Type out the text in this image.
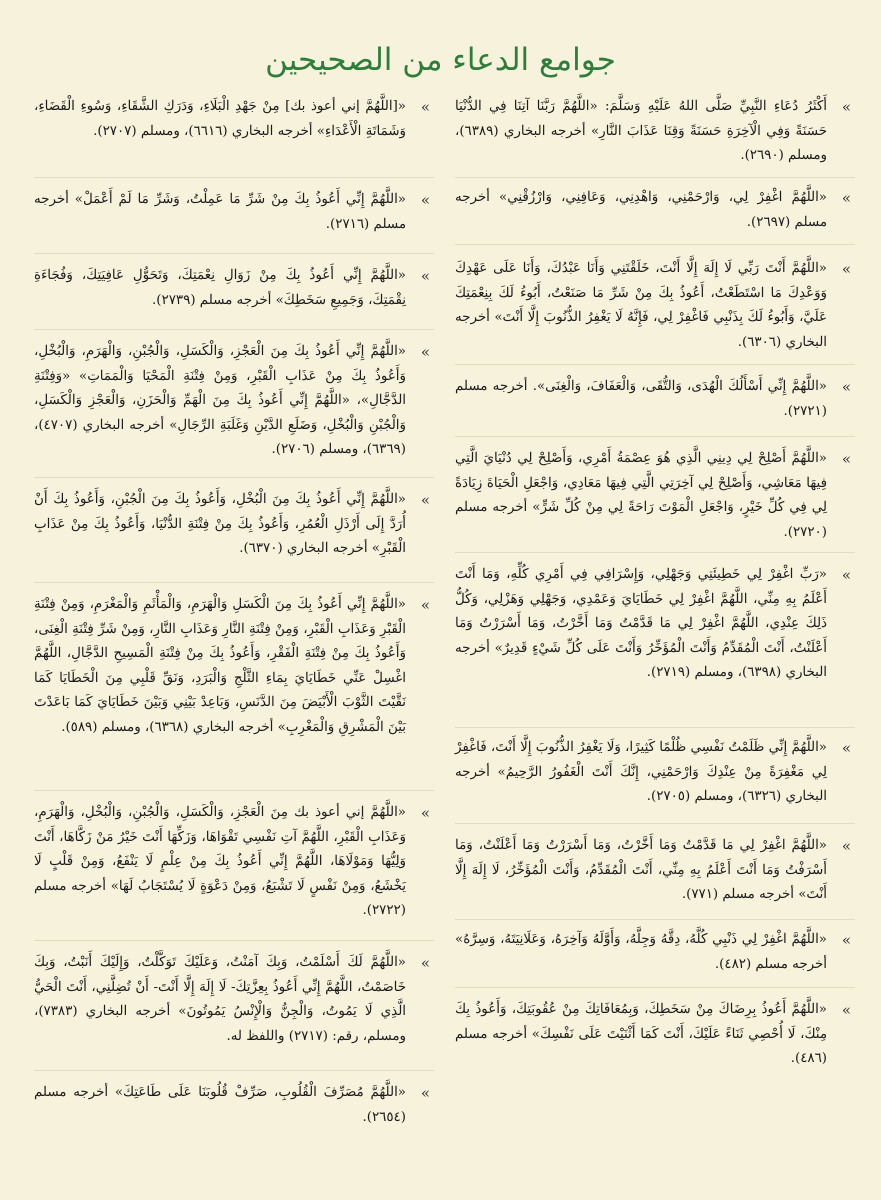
جوامع الدعاء من الصحيحين
»
أَكْثَرُ دُعَاءِ النَّبِيِّ صَلَّى اللهُ عَلَيْهِ وَسَلَّمَ: «اللَّهُمَّ رَبَّنَا آتِنَا فِي الدُّنْيَا حَسَنَةً وَفِي الْآخِرَةِ حَسَنَةً وَقِنَا عَذَابَ النَّارِ» أخرجه البخاري (٦٣٨٩)، ومسلم (٢٦٩٠).
»
«اللَّهُمَّ اغْفِرْ لِي، وَارْحَمْنِي، وَاهْدِنِي، وَعَافِنِي، وَارْزُقْنِي» أخرجه مسلم (٢٦٩٧).
»
«اللَّهُمَّ أَنْتَ رَبِّي لَا إِلَهَ إِلَّا أَنْتَ، خَلَقْتَنِي وَأَنَا عَبْدُكَ، وَأَنَا عَلَى عَهْدِكَ وَوَعْدِكَ مَا اسْتَطَعْتُ، أَعُوذُ بِكَ مِنْ شَرِّ مَا صَنَعْتُ، أَبُوءُ لَكَ بِنِعْمَتِكَ عَلَيَّ، وَأَبُوءُ لَكَ بِذَنْبِي فَاغْفِرْ لِي، فَإِنَّهُ لَا يَغْفِرُ الذُّنُوبَ إِلَّا أَنْتَ» أخرجه البخاري (٦٣٠٦).
»
«اللَّهُمَّ إِنِّي أَسْأَلُكَ الْهُدَى، وَالتُّقَى، وَالْعَفَافَ، وَالْغِنَى». أخرجه مسلم (٢٧٢١).
»
«اللَّهُمَّ أَصْلِحْ لِي دِينِي الَّذِي هُوَ عِصْمَةُ أَمْرِي، وَأَصْلِحْ لِي دُنْيَايَ الَّتِي فِيهَا مَعَاشِي، وَأَصْلِحْ لِي آخِرَتِي الَّتِي فِيهَا مَعَادِي، وَاجْعَلِ الْحَيَاةَ زِيَادَةً لِي فِي كُلِّ خَيْرٍ، وَاجْعَلِ الْمَوْتَ رَاحَةً لِي مِنْ كُلِّ شَرٍّ» أخرجه مسلم (٢٧٢٠).
»
«رَبِّ اغْفِرْ لِي خَطِيئَتِي وَجَهْلِي، وَإِسْرَافِي فِي أَمْرِي كُلِّهِ، وَمَا أَنْتَ أَعْلَمُ بِهِ مِنِّي، اللَّهُمَّ اغْفِرْ لِي خَطَايَايَ وَعَمْدِي، وَجَهْلِي وَهَزْلِي، وَكُلُّ ذَلِكَ عِنْدِي، اللَّهُمَّ اغْفِرْ لِي مَا قَدَّمْتُ وَمَا أَخَّرْتُ، وَمَا أَسْرَرْتُ وَمَا أَعْلَنْتُ، أَنْتَ الْمُقَدِّمُ وَأَنْتَ الْمُؤَخِّرُ وَأَنْتَ عَلَى كُلِّ شَيْءٍ قَدِيرٌ» أخرجه البخاري (٦٣٩٨)، ومسلم (٢٧١٩).
»
«اللَّهُمَّ إِنِّي ظَلَمْتُ نَفْسِي ظُلْمًا كَثِيرًا، وَلَا يَغْفِرُ الذُّنُوبَ إِلَّا أَنْتَ، فَاغْفِرْ لِي مَغْفِرَةً مِنْ عِنْدِكَ وَارْحَمْنِي، إِنَّكَ أَنْتَ الْغَفُورُ الرَّحِيمُ» أخرجه البخاري (٦٣٢٦)، ومسلم (٢٧٠٥).
»
«اللَّهُمَّ اغْفِرْ لِي مَا قَدَّمْتُ وَمَا أَخَّرْتُ، وَمَا أَسْرَرْتُ وَمَا أَعْلَنْتُ، وَمَا أَسْرَفْتُ وَمَا أَنْتَ أَعْلَمُ بِهِ مِنِّي، أَنْتَ الْمُقَدِّمُ، وَأَنْتَ الْمُؤَخِّرُ، لَا إِلَهَ إِلَّا أَنْتَ» أخرجه مسلم (٧٧١).
»
«اللَّهُمَّ اغْفِرْ لِي ذَنْبِي كُلَّهُ، دِقَّهُ وَجِلَّهُ، وَأَوَّلَهُ وَآخِرَهُ، وَعَلَانِيَتَهُ، وَسِرَّهُ» أخرجه مسلم (٤٨٢).
»
«اللَّهُمَّ أَعُوذُ بِرِضَاكَ مِنْ سَخَطِكَ، وَبِمُعَافَاتِكَ مِنْ عُقُوبَتِكَ، وَأَعُوذُ بِكَ مِنْكَ، لَا أُحْصِي ثَنَاءً عَلَيْكَ، أَنْتَ كَمَا أَثْنَيْتَ عَلَى نَفْسِكَ» أخرجه مسلم (٤٨٦).
»
«[اللَّهُمَّ إني أعوذ بك] مِنْ جَهْدِ الْبَلَاءِ، وَدَرَكِ الشَّقَاءِ، وَسُوءِ الْقَضَاءِ، وَشَمَاتَةِ الْأَعْدَاءِ» أخرجه البخاري (٦٦١٦)، ومسلم (٢٧٠٧).
»
«اللَّهُمَّ إِنِّي أَعُوذُ بِكَ مِنْ شَرِّ مَا عَمِلْتُ، وَشَرِّ مَا لَمْ أَعْمَلْ» أخرجه مسلم (٢٧١٦).
»
«اللَّهُمَّ إِنِّي أَعُوذُ بِكَ مِنْ زَوَالِ نِعْمَتِكَ، وَتَحَوُّلِ عَافِيَتِكَ، وَفُجَاءَةِ نِقْمَتِكَ، وَجَمِيعِ سَخَطِكَ» أخرجه مسلم (٢٧٣٩).
»
«اللَّهُمَّ إِنِّي أَعُوذُ بِكَ مِنَ الْعَجْزِ، وَالْكَسَلِ، وَالْجُبْنِ، وَالْهَرَمِ، وَالْبُخْلِ، وَأَعُوذُ بِكَ مِنْ عَذَابِ الْقَبْرِ، وَمِنْ فِتْنَةِ الْمَحْيَا وَالْمَمَاتِ» «وَفِتْنَةِ الدَّجَّالِ»، «اللَّهُمَّ إِنِّي أَعُوذُ بِكَ مِنَ الْهَمِّ وَالْحَزَنِ، وَالْعَجْزِ وَالْكَسَلِ، وَالْجُبْنِ وَالْبُخْلِ، وَضَلَعِ الدَّيْنِ وَغَلَبَةِ الرِّجَالِ» أخرجه البخاري (٤٧٠٧)، (٦٣٦٩)، ومسلم (٢٧٠٦).
»
«اللَّهُمَّ إِنِّي أَعُوذُ بِكَ مِنَ الْبُخْلِ، وَأَعُوذُ بِكَ مِنَ الْجُبْنِ، وَأَعُوذُ بِكَ أَنْ أُرَدَّ إِلَى أَرْذَلِ الْعُمُرِ، وَأَعُوذُ بِكَ مِنْ فِتْنَةِ الدُّنْيَا، وَأَعُوذُ بِكَ مِنْ عَذَابِ الْقَبْرِ» أخرجه البخاري (٦٣٧٠).
»
«اللَّهُمَّ إِنِّي أَعُوذُ بِكَ مِنَ الْكَسَلِ وَالْهَرَمِ، وَالْمَأْثَمِ وَالْمَغْرَمِ، وَمِنْ فِتْنَةِ الْقَبْرِ وَعَذَابِ الْقَبْرِ، وَمِنْ فِتْنَةِ النَّارِ وَعَذَابِ النَّارِ، وَمِنْ شَرِّ فِتْنَةِ الْغِنَى، وَأَعُوذُ بِكَ مِنْ فِتْنَةِ الْفَقْرِ، وَأَعُوذُ بِكَ مِنْ فِتْنَةِ الْمَسِيحِ الدَّجَّالِ، اللَّهُمَّ اغْسِلْ عَنِّي خَطَايَايَ بِمَاءِ الثَّلْجِ وَالْبَرَدِ، وَنَقِّ قَلْبِي مِنَ الْخَطَايَا كَمَا نَقَّيْتَ الثَّوْبَ الْأَبْيَضَ مِنَ الدَّنَسِ، وَبَاعِدْ بَيْنِي وَبَيْنَ خَطَايَايَ كَمَا بَاعَدْتَ بَيْنَ الْمَشْرِقِ وَالْمَغْرِبِ» أخرجه البخاري (٦٣٦٨)، ومسلم (٥٨٩).
»
«اللَّهُمَّ إني أعوذ بك مِنَ الْعَجْزِ، وَالْكَسَلِ، وَالْجُبْنِ، وَالْبُخْلِ، وَالْهَرَمِ، وَعَذَابِ الْقَبْرِ، اللَّهُمَّ آتِ نَفْسِي تَقْوَاهَا، وَزَكِّهَا أَنْتَ خَيْرُ مَنْ زَكَّاهَا، أَنْتَ وَلِيُّهَا وَمَوْلَاهَا، اللَّهُمَّ إِنِّي أَعُوذُ بِكَ مِنْ عِلْمٍ لَا يَنْفَعُ، وَمِنْ قَلْبٍ لَا يَخْشَعُ، وَمِنْ نَفْسٍ لَا تَشْبَعُ، وَمِنْ دَعْوَةٍ لَا يُسْتَجَابُ لَهَا» أخرجه مسلم (٢٧٢٢).
»
«اللَّهُمَّ لَكَ أَسْلَمْتُ، وَبِكَ آمَنْتُ، وَعَلَيْكَ تَوَكَّلْتُ، وَإِلَيْكَ أَنَبْتُ، وَبِكَ خَاصَمْتُ، اللَّهُمَّ إِنِّي أَعُوذُ بِعِزَّتِكَ- لَا إِلَهَ إِلَّا أَنْتَ- أَنْ تُضِلَّنِي، أَنْتَ الْحَيُّ الَّذِي لَا يَمُوتُ، وَالْجِنُّ وَالْإِنْسُ يَمُوتُونَ» أخرجه البخاري (٧٣٨٣)، ومسلم، رقم: (٢٧١٧) واللفظ له.
»
«اللَّهُمَّ مُصَرِّفَ الْقُلُوبِ، صَرِّفْ قُلُوبَنَا عَلَى طَاعَتِكَ» أخرجه مسلم (٢٦٥٤).
